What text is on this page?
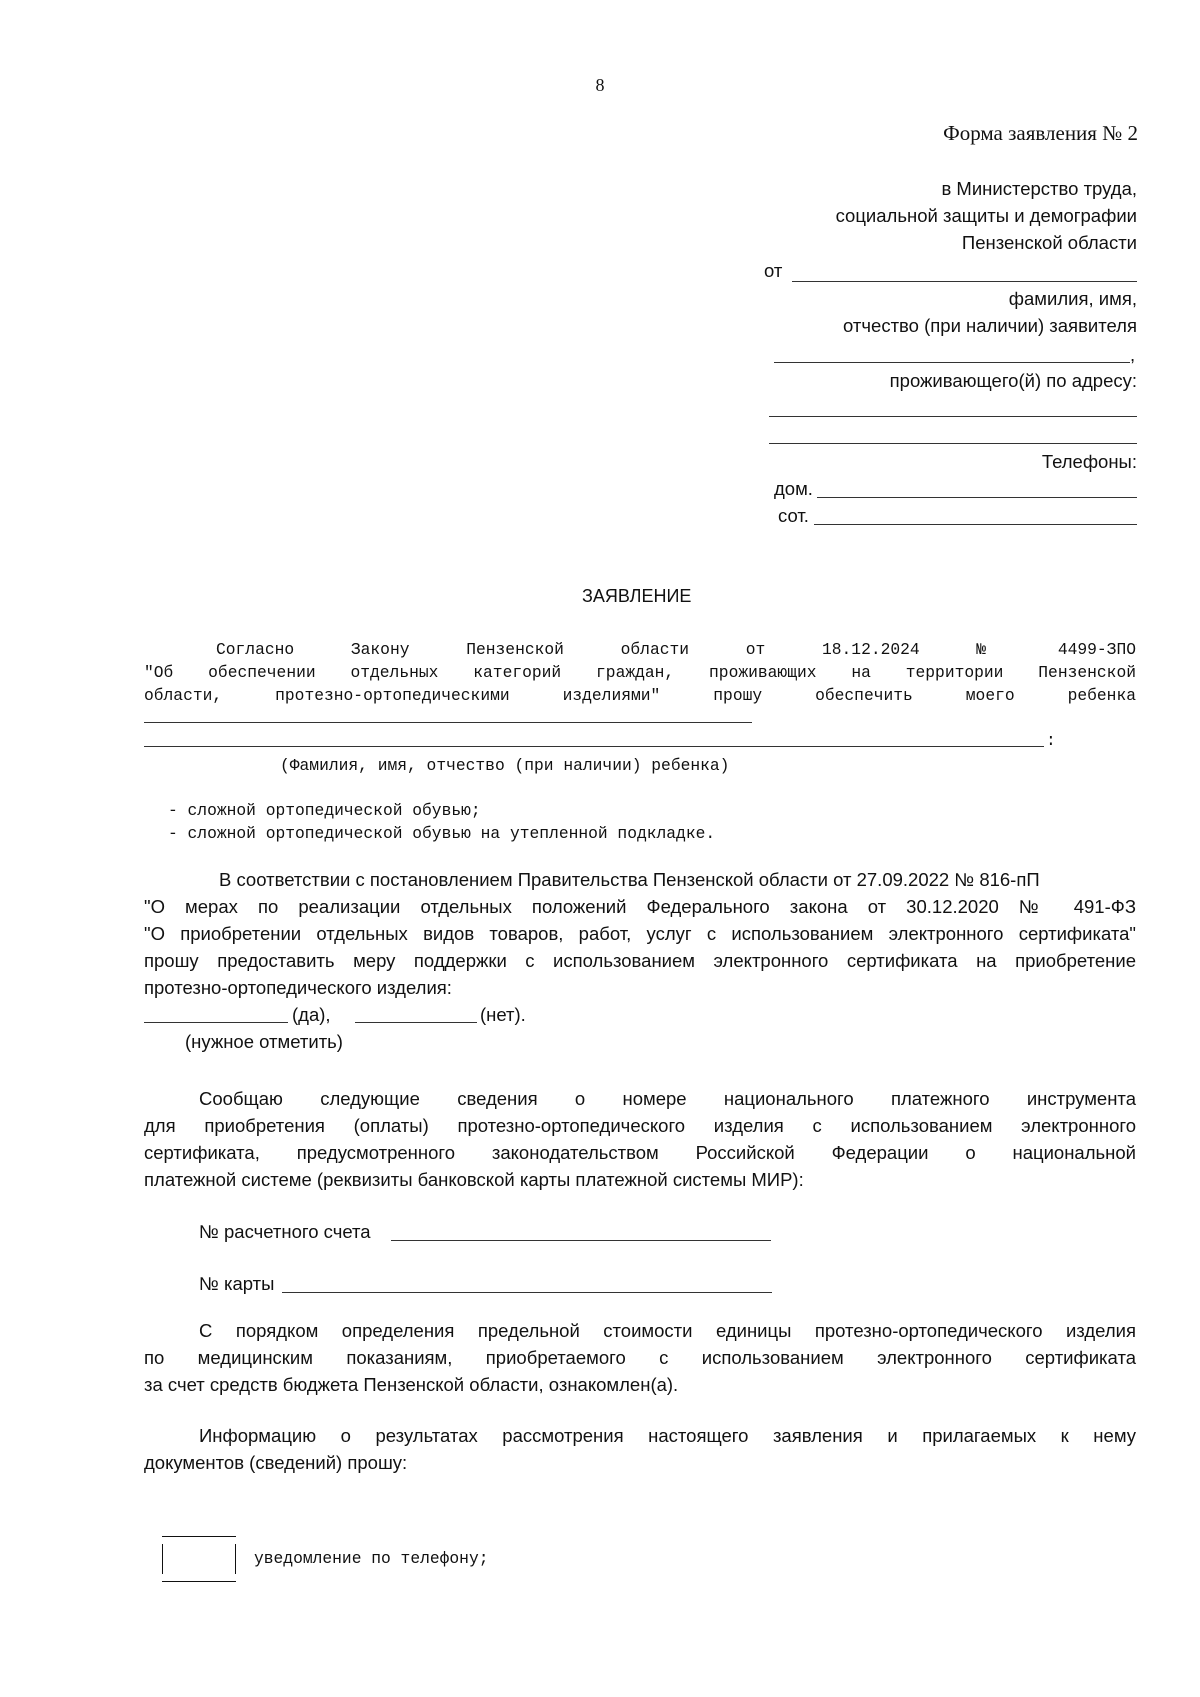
8
Форма заявления № 2
в Министерство труда,
социальной защиты и демографии
Пензенской области
от
фамилия, имя,
отчество (при наличии) заявителя
,
проживающего(й) по адресу:
Телефоны:
дом.
сот.
ЗАЯВЛЕНИЕ
Согласно Закону Пензенской области от 18.12.2024 № 4499-ЗПО
"Об обеспечении отдельных категорий граждан, проживающих на территории Пензенской
области, протезно-ортопедическими изделиями" прошу обеспечить моего ребенка
:
(Фамилия, имя, отчество (при наличии) ребенка)
- сложной ортопедической обувью;
- сложной ортопедической обувью на утепленной подкладке.
В соответствии с постановлением Правительства Пензенской области от 27.09.2022 № 816-пП
"О мерах по реализации отдельных положений Федерального закона от 30.12.2020 № 491-ФЗ
"О приобретении отдельных видов товаров, работ, услуг с использованием электронного сертификата"
прошу предоставить меру поддержки с использованием электронного сертификата на приобретение
протезно-ортопедического изделия:
(да),	(нет).
(нужное отметить)
Сообщаю следующие сведения о номере национального платежного инструмента
для приобретения (оплаты) протезно-ортопедического изделия с использованием электронного
сертификата, предусмотренного законодательством Российской Федерации о национальной
платежной системе (реквизиты банковской карты платежной системы МИР):
№ расчетного счета
№ карты
С порядком определения предельной стоимости единицы протезно-ортопедического изделия
по медицинским показаниям, приобретаемого с использованием электронного сертификата
за счет средств бюджета Пензенской области, ознакомлен(а).
Информацию о результатах рассмотрения настоящего заявления и прилагаемых к нему
документов (сведений) прошу:
уведомление по телефону;
